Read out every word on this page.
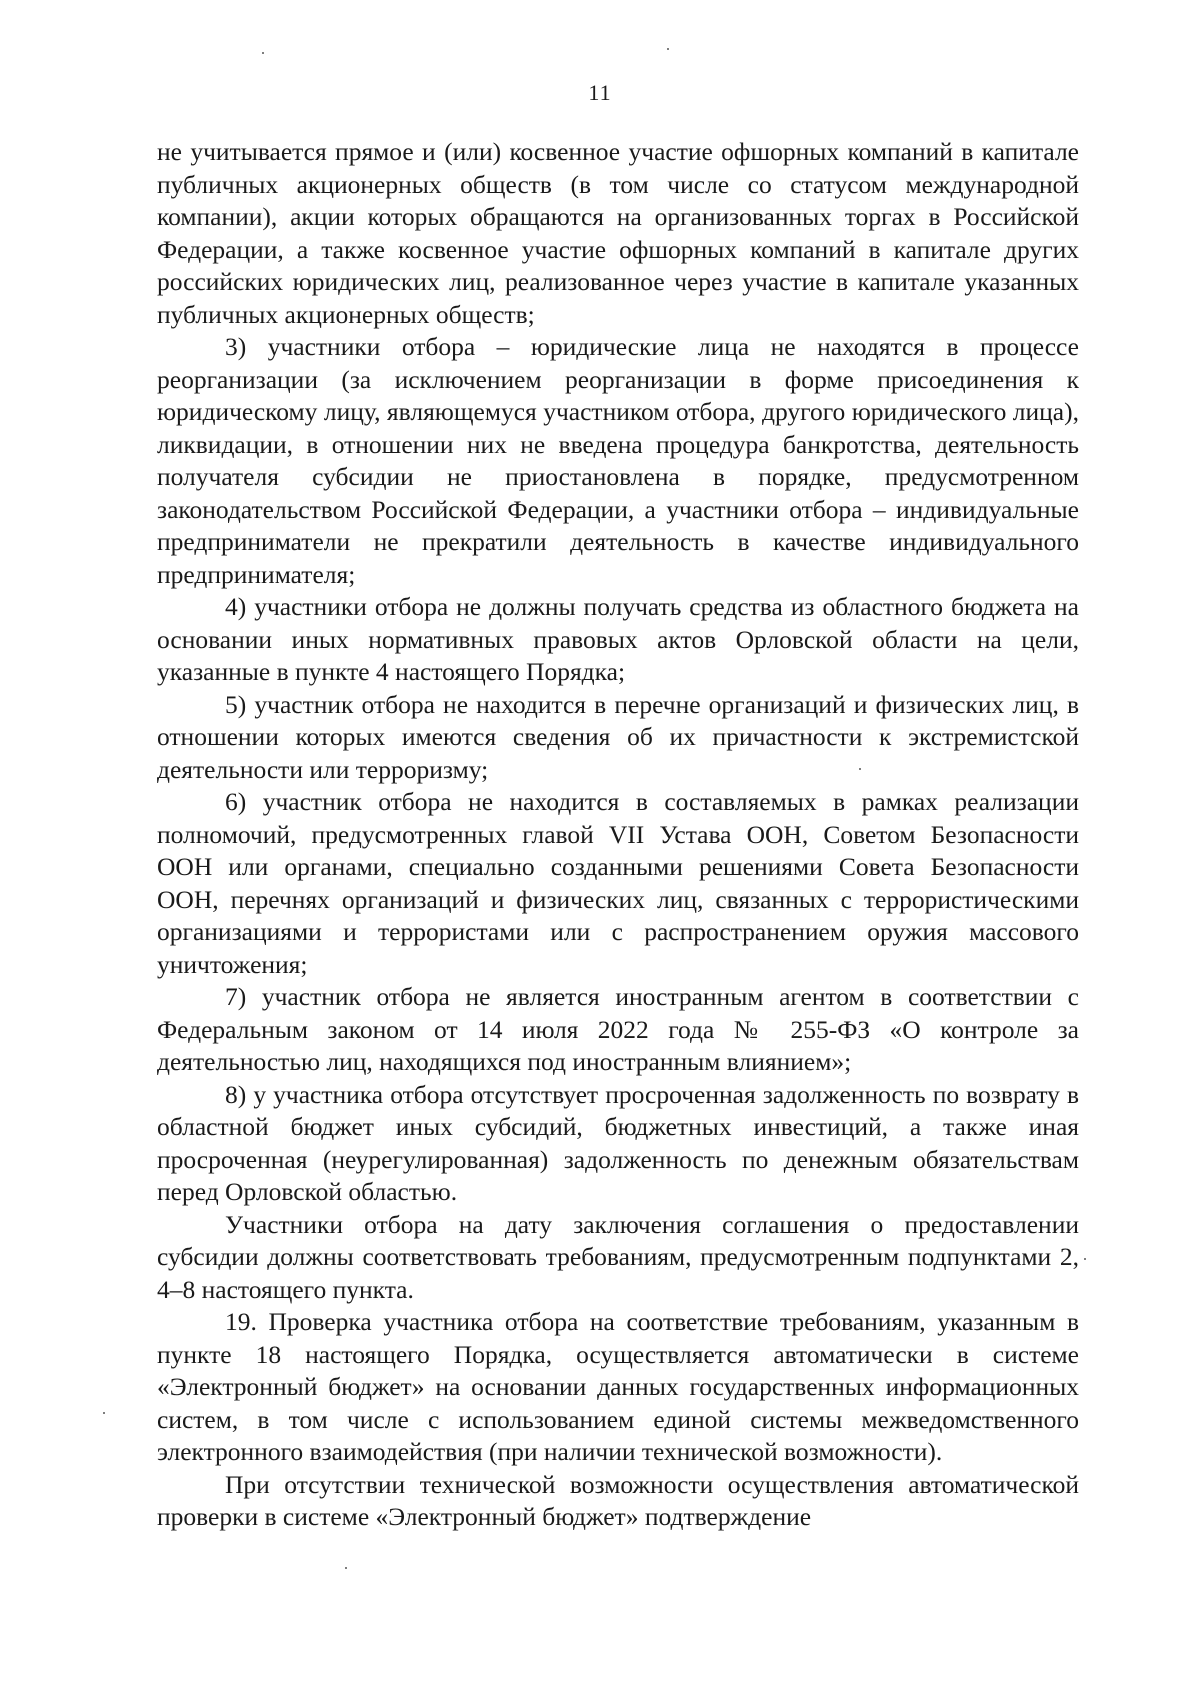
11

не учитывается прямое и (или) косвенное участие офшорных компаний в капитале публичных акционерных обществ (в том числе со статусом международной компании), акции которых обращаются на организованных торгах в Российской Федерации, а также косвенное участие офшорных компаний в капитале других российских юридических лиц, реализованное через участие в капитале указанных публичных акционерных обществ;

3) участники отбора – юридические лица не находятся в процессе реорганизации (за исключением реорганизации в форме присоединения к юридическому лицу, являющемуся участником отбора, другого юридического лица), ликвидации, в отношении них не введена процедура банкротства, деятельность получателя субсидии не приостановлена в порядке, предусмотренном законодательством Российской Федерации, а участники отбора – индивидуальные предприниматели не прекратили деятельность в качестве индивидуального предпринимателя;

4) участники отбора не должны получать средства из областного бюджета на основании иных нормативных правовых актов Орловской области на цели, указанные в пункте 4 настоящего Порядка;

5) участник отбора не находится в перечне организаций и физических лиц, в отношении которых имеются сведения об их причастности к экстремистской деятельности или терроризму;

6) участник отбора не находится в составляемых в рамках реализации полномочий, предусмотренных главой VII Устава ООН, Советом Безопасности ООН или органами, специально созданными решениями Совета Безопасности ООН, перечнях организаций и физических лиц, связанных с террористическими организациями и террористами или с распространением оружия массового уничтожения;

7) участник отбора не является иностранным агентом в соответствии с Федеральным законом от 14 июля 2022 года № 255-ФЗ «О контроле за деятельностью лиц, находящихся под иностранным влиянием»;

8) у участника отбора отсутствует просроченная задолженность по возврату в областной бюджет иных субсидий, бюджетных инвестиций, а также иная просроченная (неурегулированная) задолженность по денежным обязательствам перед Орловской областью.

Участники отбора на дату заключения соглашения о предоставлении субсидии должны соответствовать требованиям, предусмотренным подпунктами 2, 4–8 настоящего пункта.

19. Проверка участника отбора на соответствие требованиям, указанным в пункте 18 настоящего Порядка, осуществляется автоматически в системе «Электронный бюджет» на основании данных государственных информационных систем, в том числе с использованием единой системы межведомственного электронного взаимодействия (при наличии технической возможности).

При отсутствии технической возможности осуществления автоматической проверки в системе «Электронный бюджет» подтверждение
